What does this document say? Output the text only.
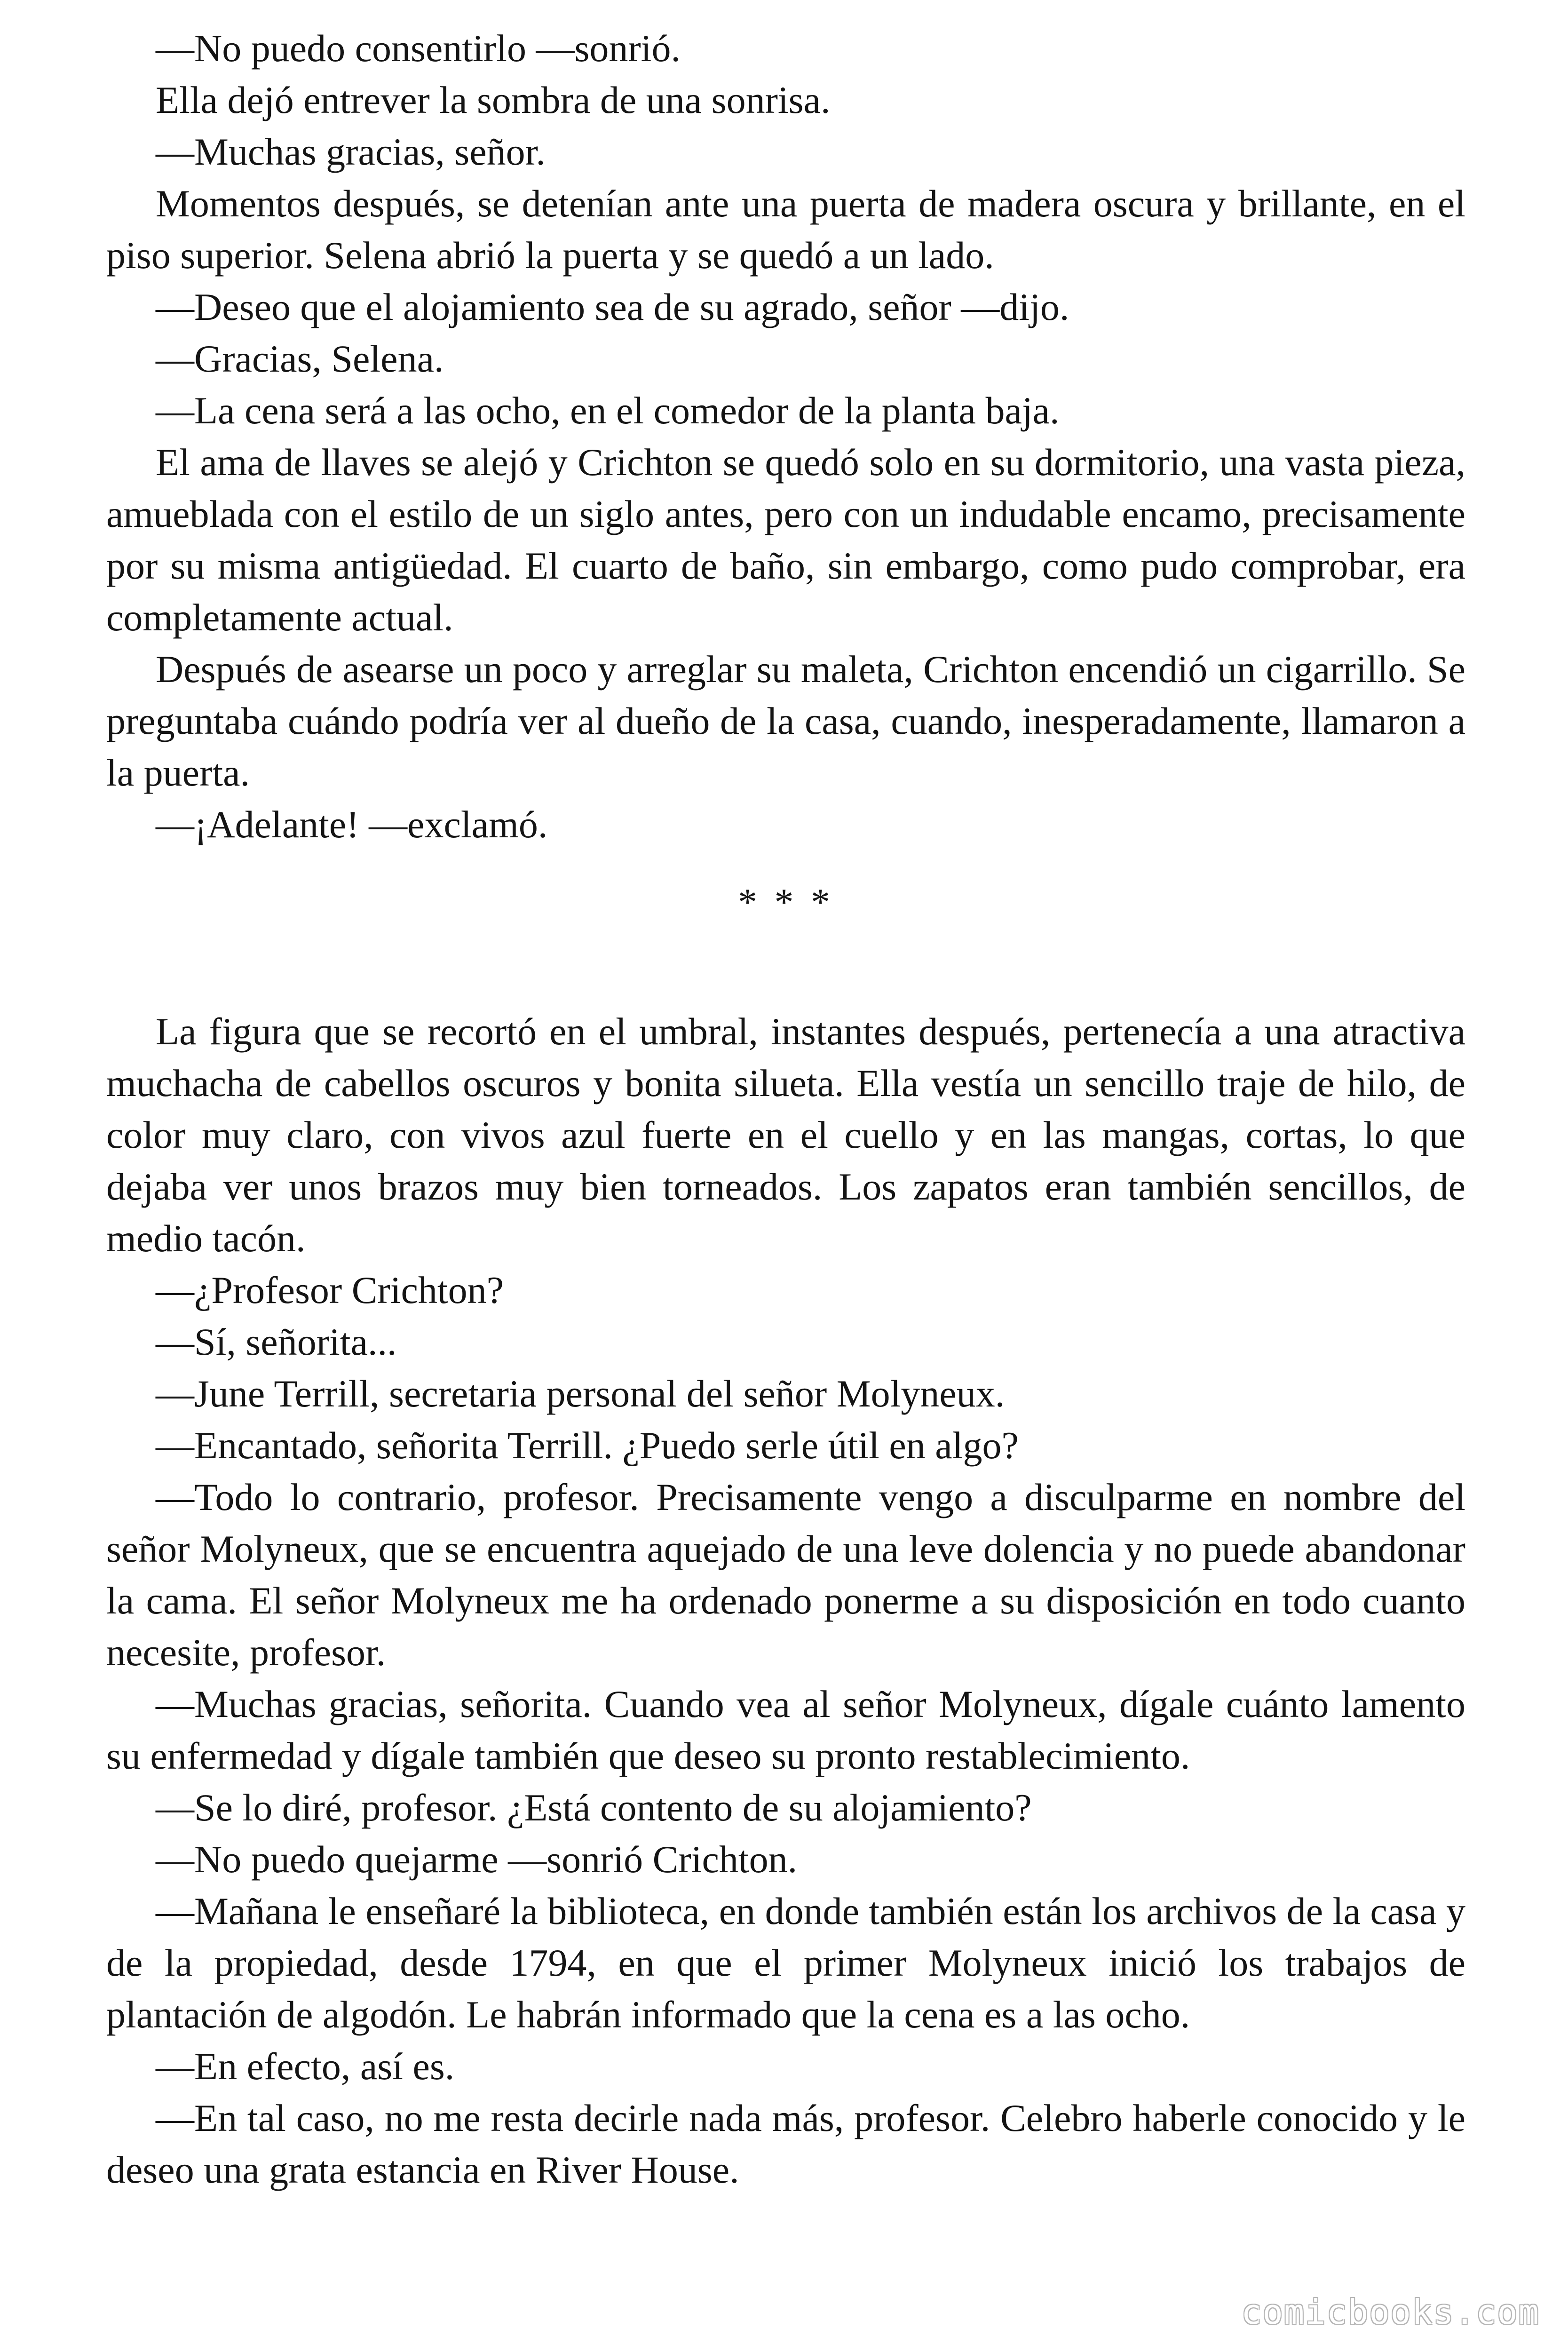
—No puedo consentirlo —sonrió.

Ella dejó entrever la sombra de una sonrisa.

—Muchas gracias, señor.

Momentos después, se detenían ante una puerta de madera oscura y brillante, en el piso superior. Selena abrió la puerta y se quedó a un lado.

—Deseo que el alojamiento sea de su agrado, señor —dijo.

—Gracias, Selena.

—La cena será a las ocho, en el comedor de la planta baja.

El ama de llaves se alejó y Crichton se quedó solo en su dormitorio, una vasta pieza, amueblada con el estilo de un siglo antes, pero con un indudable encamo, precisamente por su misma antigüedad. El cuarto de baño, sin embargo, como pudo comprobar, era completamente actual.

Después de asearse un poco y arreglar su maleta, Crichton encendió un cigarrillo. Se preguntaba cuándo podría ver al dueño de la casa, cuando, inesperadamente, llamaron a la puerta.

—¡Adelante! —exclamó.

* * *

La figura que se recortó en el umbral, instantes después, pertenecía a una atractiva muchacha de cabellos oscuros y bonita silueta. Ella vestía un sencillo traje de hilo, de color muy claro, con vivos azul fuerte en el cuello y en las mangas, cortas, lo que dejaba ver unos brazos muy bien torneados. Los zapatos eran también sencillos, de medio tacón.

—¿Profesor Crichton?

—Sí, señorita...

—June Terrill, secretaria personal del señor Molyneux.

—Encantado, señorita Terrill. ¿Puedo serle útil en algo?

—Todo lo contrario, profesor. Precisamente vengo a disculparme en nombre del señor Molyneux, que se encuentra aquejado de una leve dolencia y no puede abandonar la cama. El señor Molyneux me ha ordenado ponerme a su disposición en todo cuanto necesite, profesor.

—Muchas gracias, señorita. Cuando vea al señor Molyneux, dígale cuánto lamento su enfermedad y dígale también que deseo su pronto restablecimiento.

—Se lo diré, profesor. ¿Está contento de su alojamiento?

—No puedo quejarme —sonrió Crichton.

—Mañana le enseñaré la biblioteca, en donde también están los archivos de la casa y de la propiedad, desde 1794, en que el primer Molyneux inició los trabajos de plantación de algodón. Le habrán informado que la cena es a las ocho.

—En efecto, así es.

—En tal caso, no me resta decirle nada más, profesor. Celebro haberle conocido y le deseo una grata estancia en River House.

comicbooks.com
